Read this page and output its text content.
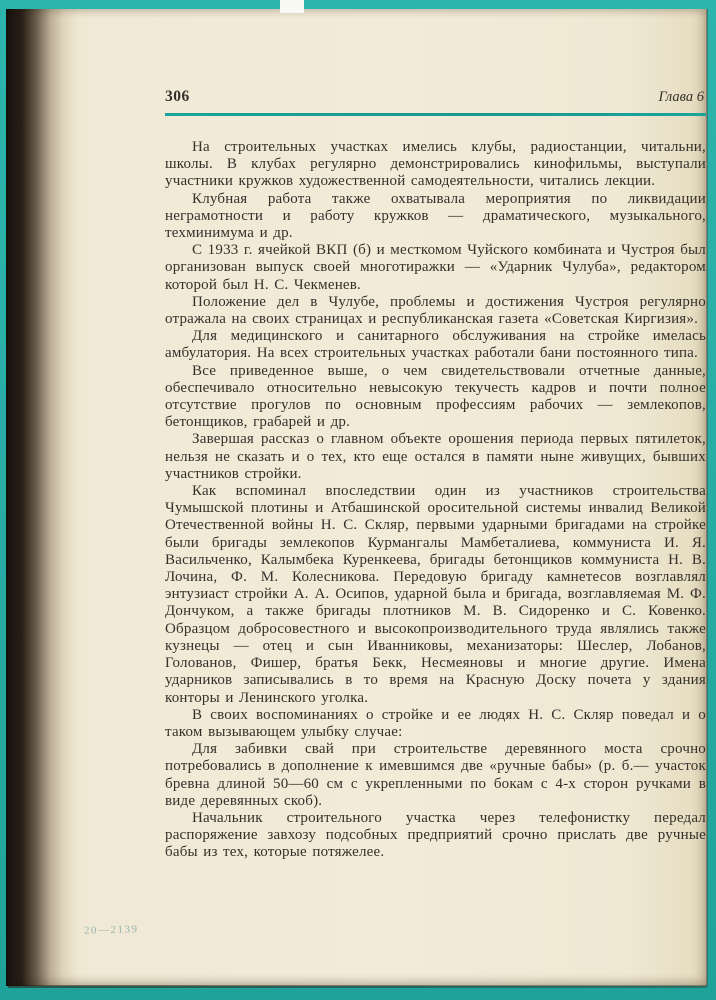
306	Глава 6

На строительных участках имелись клубы, радиостанции, читальни, школы. В клубах регулярно демонстрировались кинофильмы, выступали участники кружков художественной самодеятельности, читались лекции.

Клубная работа также охватывала мероприятия по ликвидации неграмотности и работу кружков — драматического, музыкального, техминимума и др.

С 1933 г. ячейкой ВКП (б) и месткомом Чуйского комбината и Чустроя был организован выпуск своей многотиражки — «Ударник Чулуба», редактором которой был Н. С. Чекменев.

Положение дел в Чулубе, проблемы и достижения Чустроя регулярно отражала на своих страницах и республиканская газета «Советская Киргизия».

Для медицинского и санитарного обслуживания на стройке имелась амбулатория. На всех строительных участках работали бани постоянного типа.

Все приведенное выше, о чем свидетельствовали отчетные данные, обеспечивало относительно невысокую текучесть кадров и почти полное отсутствие прогулов по основным профессиям рабочих — землекопов, бетонщиков, грабарей и др.

Завершая рассказ о главном объекте орошения периода первых пятилеток, нельзя не сказать и о тех, кто еще остался в памяти ныне живущих, бывших участников стройки.

Как вспоминал впоследствии один из участников строительства Чумышской плотины и Атбашинской оросительной системы инвалид Великой Отечественной войны Н. С. Скляр, первыми ударными бригадами на стройке были бригады землекопов Курмангалы Мамбеталиева, коммуниста И. Я. Васильченко, Калымбека Куренкеева, бригады бетонщиков коммуниста Н. В. Лочина, Ф. М. Колесникова. Передовую бригаду камнетесов возглавлял энтузиаст стройки А. А. Осипов, ударной была и бригада, возглавляемая М. Ф. Дончуком, а также бригады плотников М. В. Сидоренко и С. Ковенко. Образцом добросовестного и высокопроизводительного труда являлись также кузнецы — отец и сын Иванниковы, механизаторы: Шеслер, Лобанов, Голованов, Фишер, братья Бекк, Несмеяновы и многие другие. Имена ударников записывались в то время на Красную Доску почета у здания конторы и Ленинского уголка.

В своих воспоминаниях о стройке и ее людях Н. С. Скляр поведал и о таком вызывающем улыбку случае:

Для забивки свай при строительстве деревянного моста срочно потребовались в дополнение к имевшимся две «ручные бабы» (р. б.— участок бревна длиной 50—60 см с укрепленными по бокам с 4-х сторон ручками в виде деревянных скоб).

Начальник строительного участка через телефонистку передал распоряжение завхозу подсобных предприятий срочно прислать две ручные бабы из тех, которые потяжелее.

20—2139
